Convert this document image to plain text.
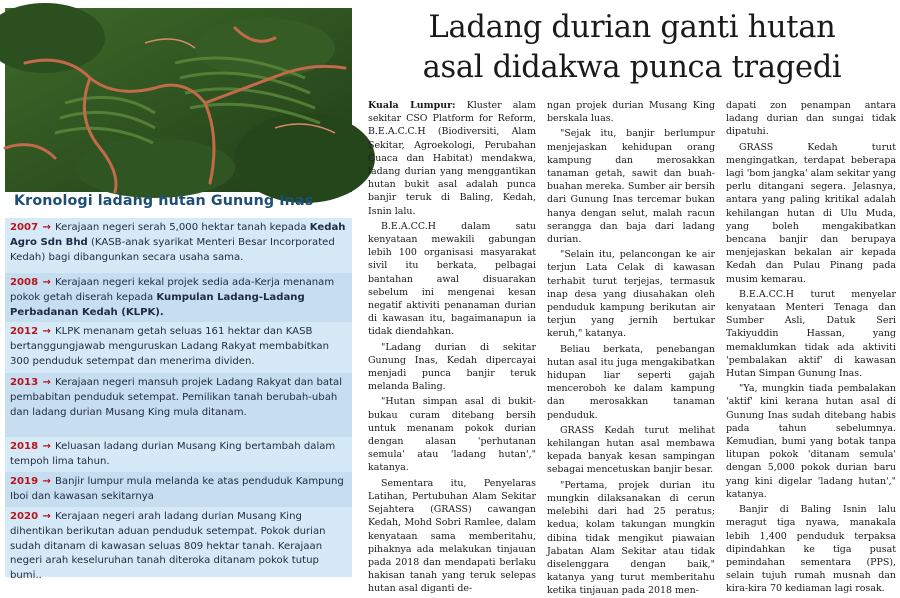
Kronologi ladang hutan Gunung Inas
2007 → Kerajaan negeri serah 5,000 hektar tanah kepada Kedah Agro Sdn Bhd (KASB-anak syarikat Menteri Besar Incorporated Kedah) bagi dibangunkan secara usaha sama.
2008 → Kerajaan negeri kekal projek sedia ada-Kerja menanam pokok getah diserah kepada Kumpulan Ladang-Ladang Perbadanan Kedah (KLPK).
2012 → KLPK menanam getah seluas 161 hektar dan KASB bertanggungjawab menguruskan Ladang Rakyat membabitkan 300 penduduk setempat dan menerima dividen.
2013 → Kerajaan negeri mansuh projek Ladang Rakyat dan batal pembabitan penduduk setempat. Pemilikan tanah berubah-ubah dan ladang durian Musang King mula ditanam.
2018 → Keluasan ladang durian Musang King bertambah dalam tempoh lima tahun.
2019 → Banjir lumpur mula melanda ke atas penduduk Kampung Iboi dan kawasan sekitarnya
2020 → Kerajaan negeri arah ladang durian Musang King dihentikan berikutan aduan penduduk setempat. Pokok durian sudah ditanam di kawasan seluas 809 hektar tanah. Kerajaan negeri arah keseluruhan tanah diteroka ditanam pokok tutup bumi..
Ladang durian ganti hutan
asal didakwa punca tragedi

Kuala Lumpur: Kluster alam sekitar CSO Platform for Reform, B.E.A.C.C.H (Biodiversiti, Alam Sekitar, Agroekologi, Perubahan Cuaca dan Habitat) mendakwa, ladang durian yang menggantikan hutan bukit asal adalah punca banjir teruk di Baling, Kedah, Isnin lalu.

B.E.A.CC.H dalam satu kenyataan mewakili gabungan lebih 100 organisasi masyarakat sivil itu berkata, pelbagai bantahan awal disuarakan sebelum ini mengenai kesan negatif aktiviti penanaman durian di kawasan itu, bagaimanapun ia tidak diendahkan.

"Ladang durian di sekitar Gunung Inas, Kedah dipercayai menjadi punca banjir teruk melanda Baling.

"Hutan simpan asal di bukit-bukau curam ditebang bersih untuk menanam pokok durian dengan alasan 'perhutanan semula' atau 'ladang hutan'," katanya.

Sementara itu, Penyelaras Latihan, Pertubuhan Alam Sekitar Sejahtera (GRASS) cawangan Kedah, Mohd Sobri Ramlee, dalam kenyataan sama memberitahu, pihaknya ada melakukan tinjauan pada 2018 dan mendapati berlaku hakisan tanah yang teruk selepas hutan asal diganti de-

ngan projek durian Musang King berskala luas.

"Sejak itu, banjir berlumpur menjejaskan kehidupan orang kampung dan merosakkan tanaman getah, sawit dan buah-buahan mereka. Sumber air bersih dari Gunung Inas tercemar bukan hanya dengan selut, malah racun serangga dan baja dari ladang durian.

"Selain itu, pelancongan ke air terjun Lata Celak di kawasan terhabit turut terjejas, termasuk inap desa yang diusahakan oleh penduduk kampung berikutan air terjun yang jernih bertukar keruh," katanya.

Beliau berkata, penebangan hutan asal itu juga mengakibatkan hidupan liar seperti gajah menceroboh ke dalam kampung dan merosakkan tanaman penduduk.

GRASS Kedah turut melihat kehilangan hutan asal membawa kepada banyak kesan sampingan sebagai mencetuskan banjir besar.

"Pertama, projek durian itu mungkin dilaksanakan di cerun melebihi dari had 25 peratus; kedua, kolam takungan mungkin dibina tidak mengikut piawaian Jabatan Alam Sekitar atau tidak diselenggara dengan baik," katanya yang turut memberitahu ketika tinjauan pada 2018 men-

dapati zon penampan antara ladang durian dan sungai tidak dipatuhi.

GRASS Kedah turut mengingatkan, terdapat beberapa lagi 'bom jangka' alam sekitar yang perlu ditangani segera. Jelasnya, antara yang paling kritikal adalah kehilangan hutan di Ulu Muda, yang boleh mengakibatkan bencana banjir dan berupaya menjejaskan bekalan air kepada Kedah dan Pulau Pinang pada musim kemarau.

B.E.A.CC.H turut menyelar kenyataan Menteri Tenaga dan Sumber Asli, Datuk Seri Takiyuddin Hassan, yang memaklumkan tidak ada aktiviti 'pembalakan aktif' di kawasan Hutan Simpan Gunung Inas.

"Ya, mungkin tiada pembalakan 'aktif' kini kerana hutan asal di Gunung Inas sudah ditebang habis pada tahun sebelumnya. Kemudian, bumi yang botak tanpa litupan pokok 'ditanam semula' dengan 5,000 pokok durian baru yang kini digelar 'ladang hutan'," katanya.

Banjir di Baling Isnin lalu meragut tiga nyawa, manakala lebih 1,400 penduduk terpaksa dipindahkan ke tiga pusat pemindahan sementara (PPS), selain tujuh rumah musnah dan kira-kira 70 kediaman lagi rosak.
